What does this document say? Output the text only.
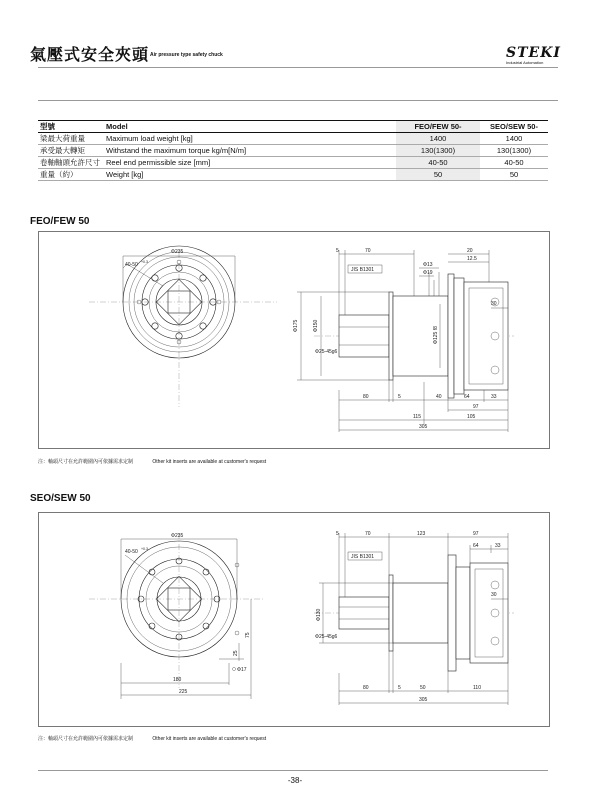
氣壓式安全夾頭 Air pressure type safety chuck	STEKI
Industrial Automation
型號	Model	FEO/FEW 50-	SEO/SEW 50-
梁最大荷重量	Maximum load weight [kg]	1400	1400
承受最大轉矩	Withstand the maximum torque kg/m[N/m]	130(1300)	130(1300)
卷軸軸頭允許尺寸	Reel end permissible size [mm]	40-50	40-50
重量（約）	Weight [kg]	50	50
FEO/FEW 50
Φ235
40-50 +0.3
5	70	20
12.5
JIS B1301
Φ13
Φ19
30
Φ175	Φ150
Φ125 f8
Φ25-45g6
80	5	40	64	33
97
115	105
305
注：軸頭尺寸在允許範圍內可依據需求定制	Other kit inserts are available at customer's request
SEO/SEW 50
Φ235
40-50 +0.3
75
25
Φ17
180
225
5	70	123	97
64	33
JIS B1301
30
Φ130
Φ25-45g6
80	5	50	110
305
注：軸頭尺寸在允許範圍內可依據需求定制	Other kit inserts are available at customer's request
-38-
